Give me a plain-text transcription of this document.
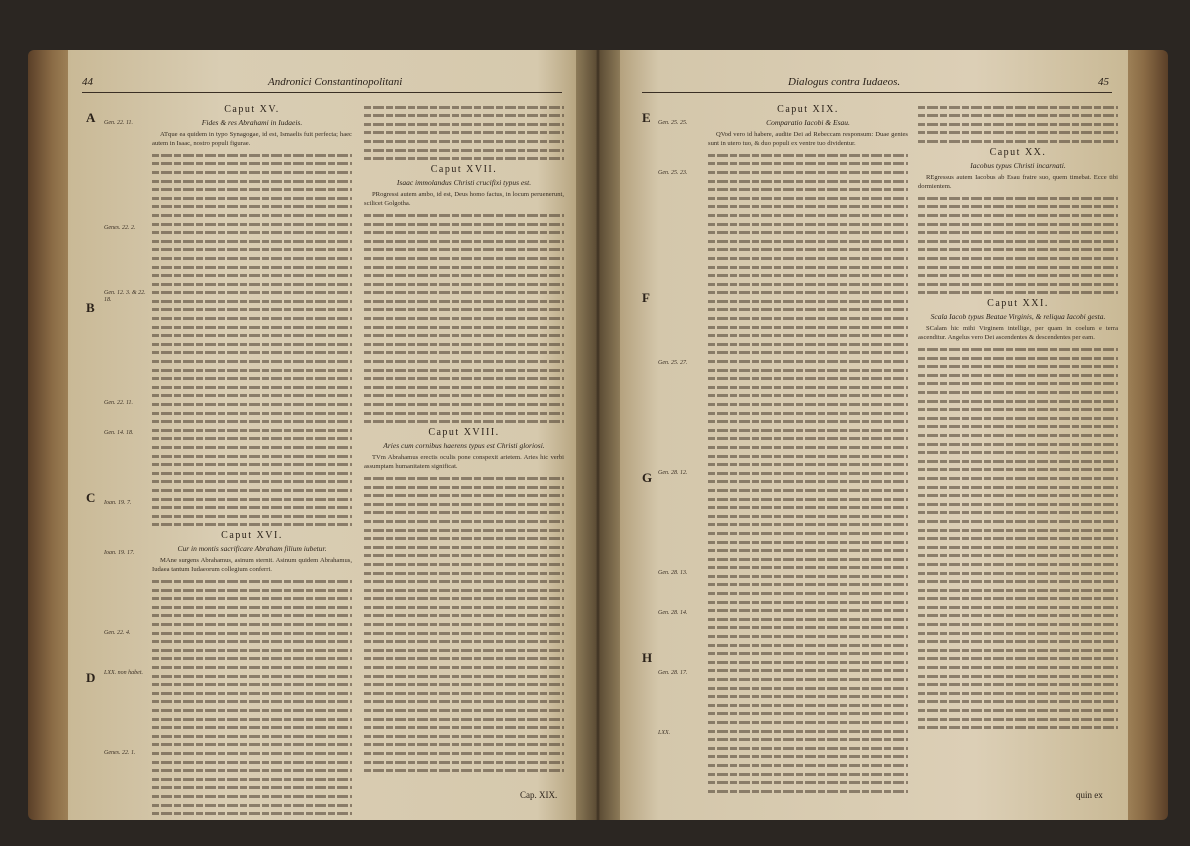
44	Andronici Constantinopolitani
A
B
C
D
Gen. 22. 11.
Genes. 22. 2.
Gen. 12. 3. & 22. 18.
Gen. 22. 11.
Gen. 14. 18.
Ioan. 19. 7.
Ioan. 19. 17.
Gen. 22. 4.
LXX. non habet.
Genes. 22. 1.
Caput XV.
Fides & res Abrahami in Iudaeis.

ATque ea quidem in typo Synagogae, id est, Ismaelis fuit perfecta; haec autem in Isaac, nostro populi figurae.

Caput XVI.
Cur in montis sacrificare Abraham filium iubetur.

MAne surgens Abrahamus, asinum sternit. Asinum quidem Abrahamus, Iudaea tantum Iudaeorum collegium conferri.

Caput XVII.
Isaac immolandus Christi crucifixi typus est.

PRogressi autem ambo, id est, Deus homo factus, in locum peruenerunt, scilicet Golgotha.

Caput XVIII.
Aries cum cornibus haerens typus est Christi gloriosi.

TVm Abrahamus erectis oculis pone conspexit arietem. Aries hic verbi assumptam humanitatem significat.

Cap. XIX.
Dialogus contra Iudaeos.	45
E
F
G
H
Gen. 25. 25.
Gen. 25. 23.
Gen. 25. 27.
Gen. 28. 12.
Gen. 28. 13.
Gen. 28. 14.
Gen. 28. 17.
LXX.
Caput XIX.
Comparatio Iacobi & Esau.

QVod vero id habere, audite Dei ad Rebeccam responsum: Duae gentes sunt in utero tuo, & duo populi ex ventre tuo dividentur.

Caput XX.
Iacobus typus Christi incarnati.

REgressus autem Iacobus ab Esau fratre suo, quem timebat. Ecce tibi dormientem.

Caput XXI.
Scala Iacob typus Beatae Virginis, & reliqua Iacobi gesta.

SCalam hic mihi Virginem intellige, per quam in coelum e terra ascenditur. Angelus vero Dei ascendentes & descendentes per eam.

quin ex
